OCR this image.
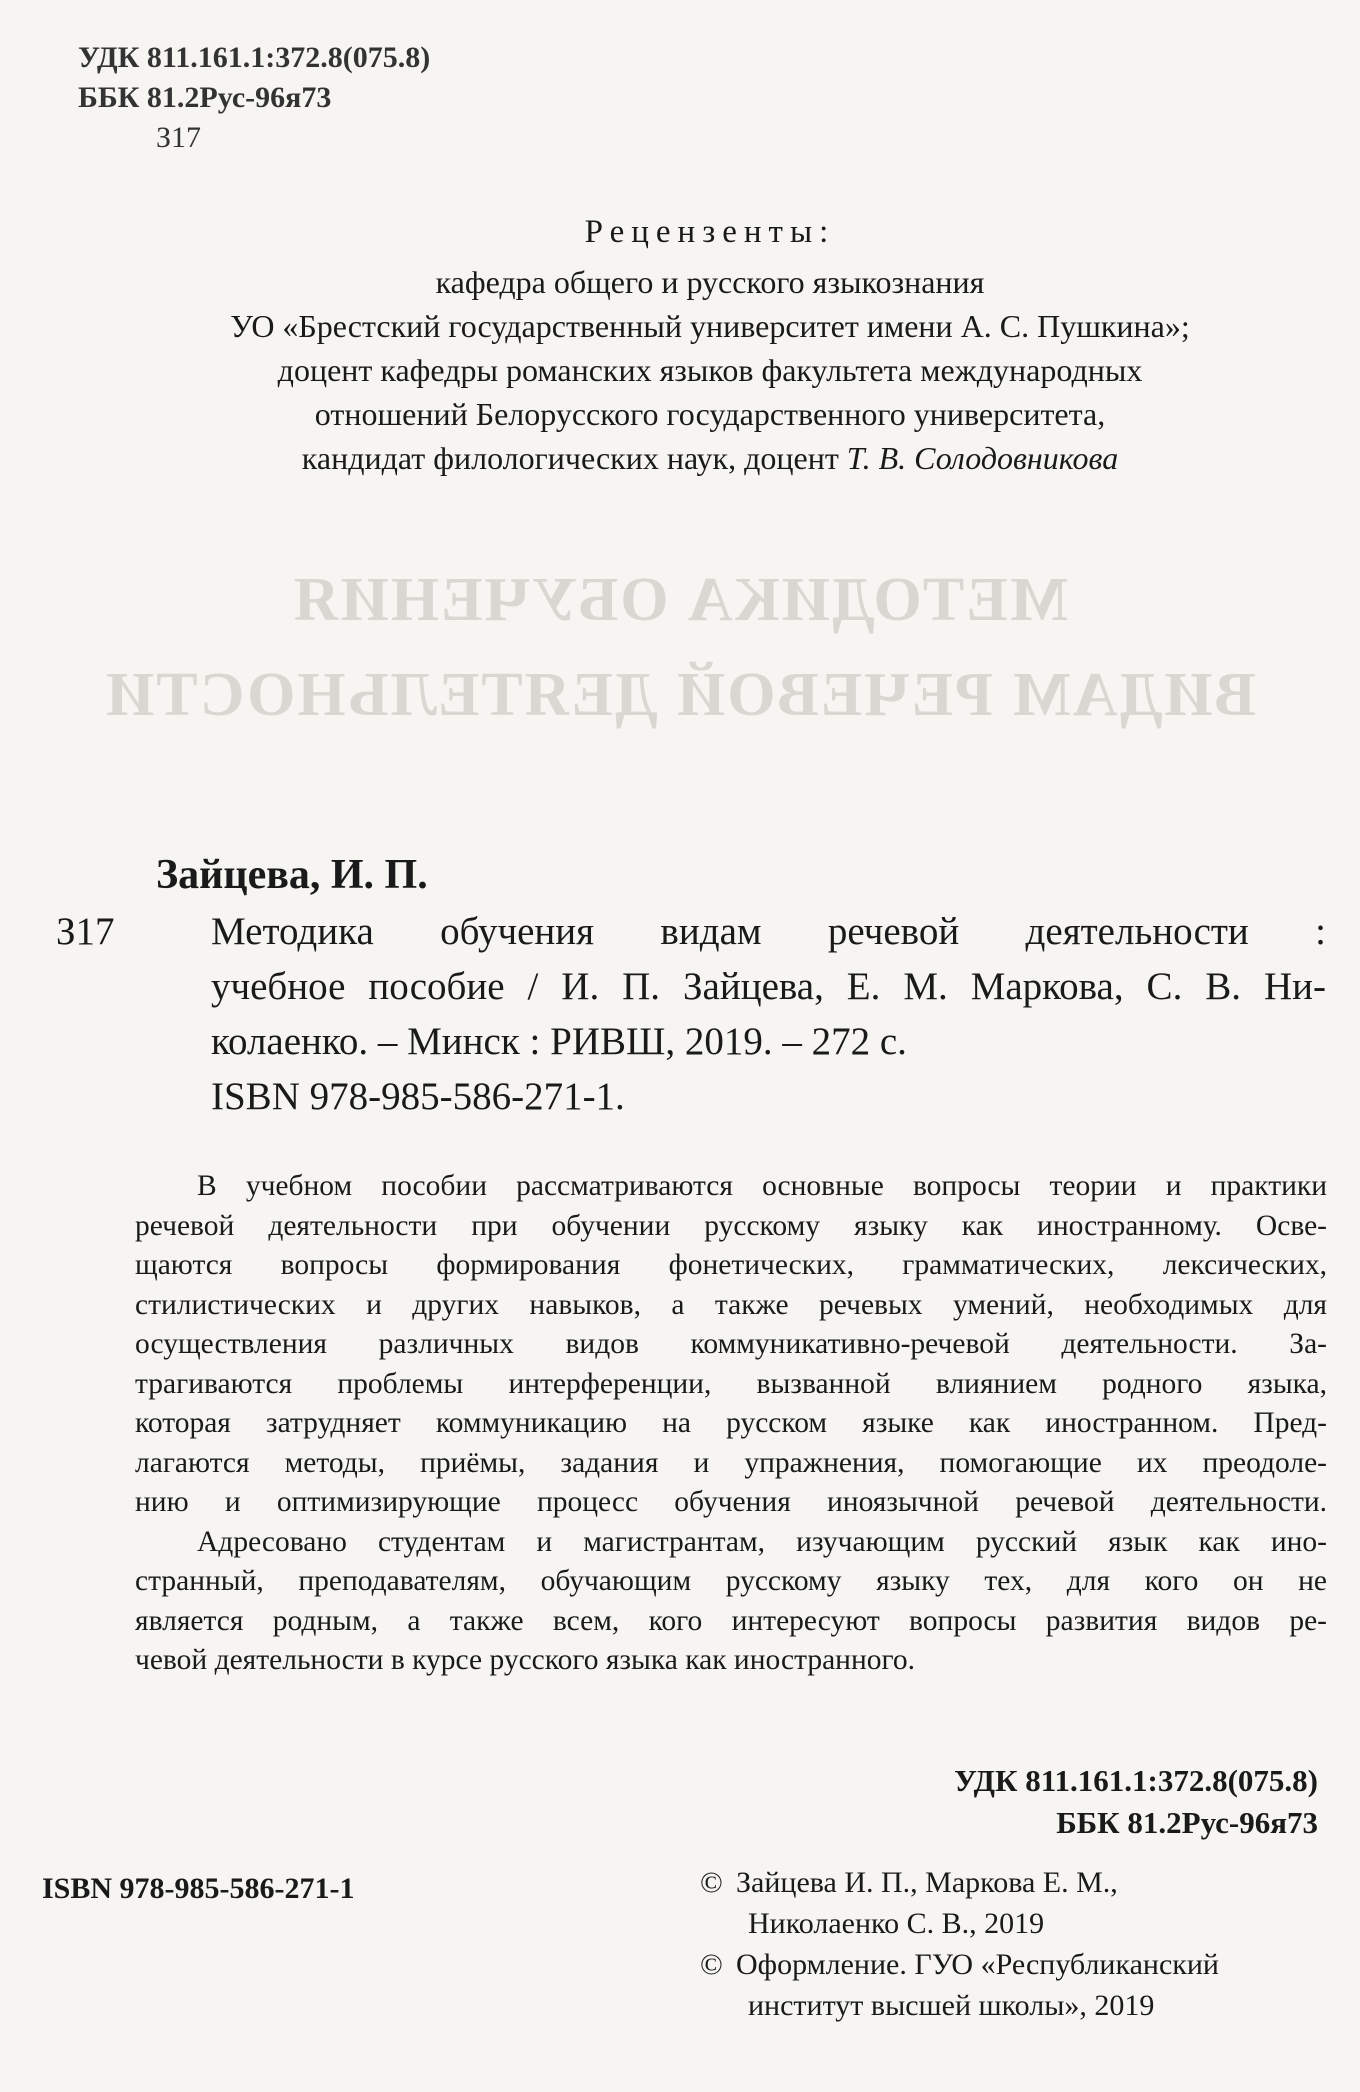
МЕТОДИКА ОБУЧЕНИЯ
ВИДАМ РЕЧЕВОЙ ДЕЯТЕЛЬНОСТИ
УДК 811.161.1:372.8(075.8)
ББК 81.2Рус-96я73
З17
Рецензенты:
кафедра общего и русского языкознания
УО «Брестский государственный университет имени А. С. Пушкина»;
доцент кафедры романских языков факультета международных
отношений Белорусского государственного университета,
кандидат филологических наук, доцент Т. В. Солодовникова
Зайцева, И. П.
З17 Методика обучения видам речевой деятельности :
учебное пособие / И. П. Зайцева, Е. М. Маркова, С. В. Ни-
колаенко. – Минск : РИВШ, 2019. – 272 с.
ISBN 978-985-586-271-1.

В учебном пособии рассматриваются основные вопросы теории и практики
речевой деятельности при обучении русскому языку как иностранному. Осве-
щаются вопросы формирования фонетических, грамматических, лексических,
стилистических и других навыков, а также речевых умений, необходимых для
осуществления различных видов коммуникативно-речевой деятельности. За-
трагиваются проблемы интерференции, вызванной влиянием родного языка,
которая затрудняет коммуникацию на русском языке как иностранном. Пред-
лагаются методы, приёмы, задания и упражнения, помогающие их преодоле-
нию и оптимизирующие процесс обучения иноязычной речевой деятельности.

Адресовано студентам и магистрантам, изучающим русский язык как ино-
странный, преподавателям, обучающим русскому языку тех, для кого он не
является родным, а также всем, кого интересуют вопросы развития видов ре-
чевой деятельности в курсе русского языка как иностранного.

УДК 811.161.1:372.8(075.8)
ББК 81.2Рус-96я73
ISBN 978-985-586-271-1	© Зайцева И. П., Маркова Е. М.,
Николаенко С. В., 2019
© Оформление. ГУО «Республиканский
институт высшей школы», 2019
